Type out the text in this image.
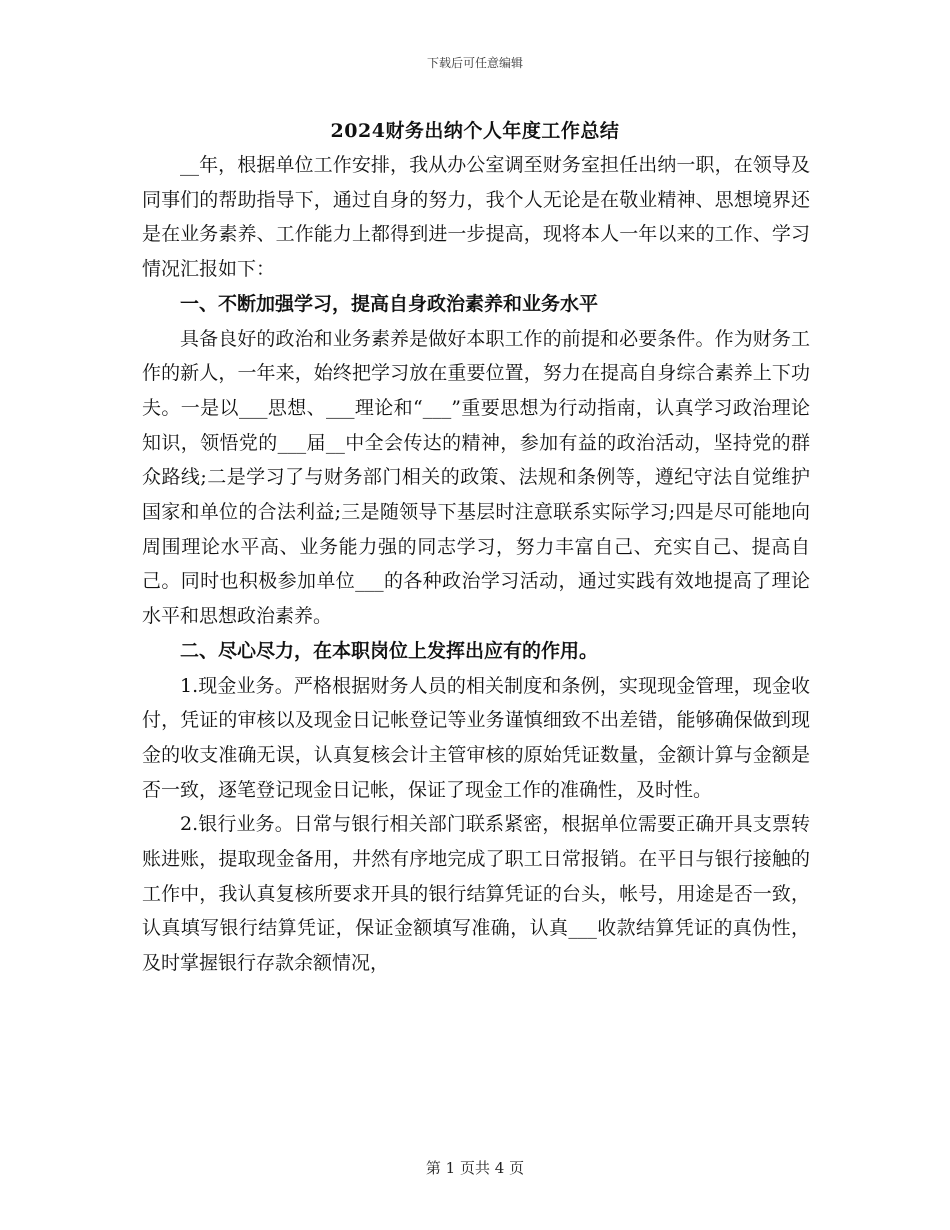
下载后可任意编辑
2024财务出纳个人年度工作总结

__年，根据单位工作安排，我从办公室调至财务室担任出纳一职，在领导及同事们的帮助指导下，通过自身的努力，我个人无论是在敬业精神、思想境界还是在业务素养、工作能力上都得到进一步提高，现将本人一年以来的工作、学习情况汇报如下：

一、不断加强学习，提高自身政治素养和业务水平

具备良好的政治和业务素养是做好本职工作的前提和必要条件。作为财务工作的新人，一年来，始终把学习放在重要位置，努力在提高自身综合素养上下功夫。一是以___思想、___理论和“___”重要思想为行动指南，认真学习政治理论知识，领悟党的___届__中全会传达的精神，参加有益的政治活动，坚持党的群众路线;二是学习了与财务部门相关的政策、法规和条例等，遵纪守法自觉维护国家和单位的合法利益;三是随领导下基层时注意联系实际学习;四是尽可能地向周围理论水平高、业务能力强的同志学习，努力丰富自己、充实自己、提高自己。同时也积极参加单位___的各种政治学习活动，通过实践有效地提高了理论水平和思想政治素养。

二、尽心尽力，在本职岗位上发挥出应有的作用。

1.现金业务。严格根据财务人员的相关制度和条例，实现现金管理，现金收付，凭证的审核以及现金日记帐登记等业务谨慎细致不出差错，能够确保做到现金的收支准确无误，认真复核会计主管审核的原始凭证数量，金额计算与金额是否一致，逐笔登记现金日记帐，保证了现金工作的准确性，及时性。

2.银行业务。日常与银行相关部门联系紧密，根据单位需要正确开具支票转账进账，提取现金备用，井然有序地完成了职工日常报销。在平日与银行接触的工作中，我认真复核所要求开具的银行结算凭证的台头，帐号，用途是否一致，认真填写银行结算凭证，保证金额填写准确，认真___收款结算凭证的真伪性，及时掌握银行存款余额情况，

第 1 页共 4 页
